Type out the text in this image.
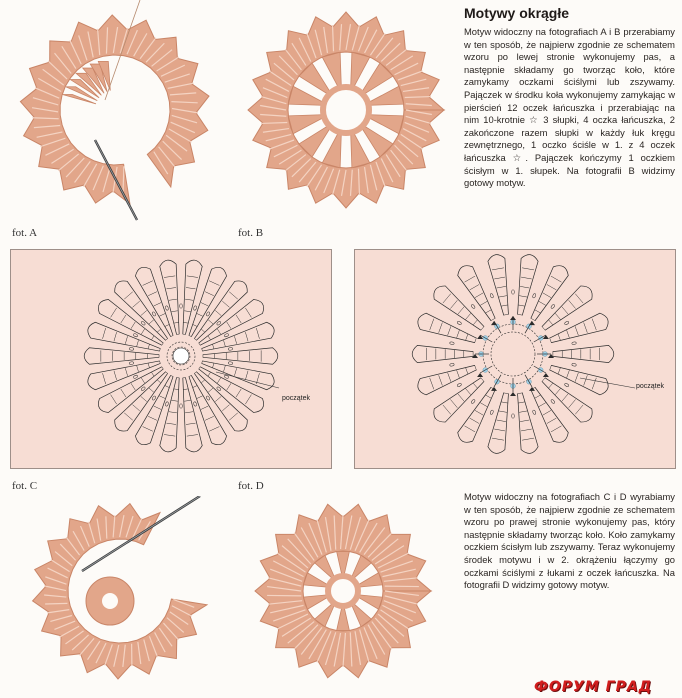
fot. A	fot. B
Motywy okrągłe

Motyw widoczny na fotografiach A i B przerabiamy w ten sposób, że najpierw zgodnie ze schematem wzoru po lewej stronie wykonujemy pas, a następnie składamy go tworząc koło, które zamykamy oczkami ściślymi lub zszywamy. Pajączek w środku koła wykonujemy zamykając w pierścień 12 oczek łańcuszka i przerabiając na nim 10-krotnie ☆ 3 słupki, 4 oczka łańcuszka, 2 zakończone razem słupki w każdy łuk kręgu zewnętrznego, 1 oczko ściśle w 1. z 4 oczek łańcuszka ☆. Pajączek kończymy 1 oczkiem ścisłym w 1. słupek. Na fotografii B widzimy gotowy motyw.

początek
początek
fot. C	fot. D

Motyw widoczny na fotografiach C i D wyrabiamy w ten sposób, że najpierw zgodnie ze schematem wzoru po prawej stronie wykonujemy pas, który następnie składamy tworząc koło. Koło zamykamy oczkiem ścisłym lub zszywamy. Teraz wykonujemy środek motywu i w 2. okrążeniu łączymy go oczkami ściślymi z łukami z oczek łańcuszka. Na fotografii D widzimy gotowy motyw.

ФОРУМ ГРАД
